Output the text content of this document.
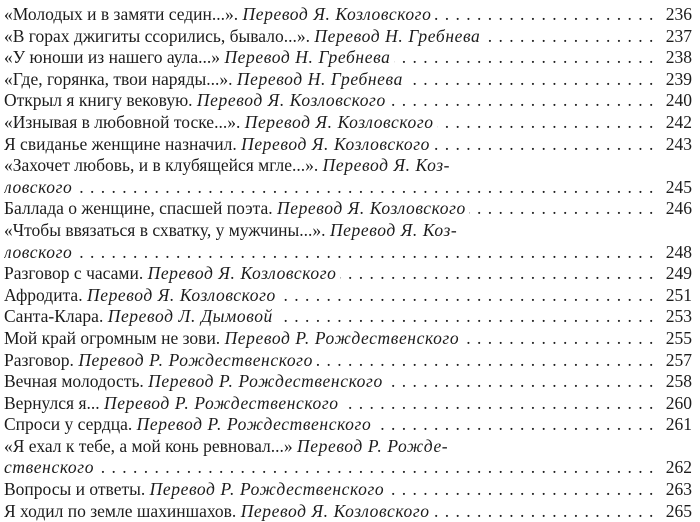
«Молодых и в замяти седин...». Перевод Я. Козловского	236
. . .
«В горах джигиты ссорились, бывало...». Перевод Н. Гребнева	237
. . .
«У юноши из нашего аула...» Перевод Н. Гребнева	238
. . .
«Где, горянка, твои наряды...». Перевод Н. Гребнева	239
. . .
Открыл я книгу вековую. Перевод Я. Козловского	240
. . .
«Изнывая в любовной тоске...». Перевод Я. Козловского	242
. . .
Я свиданье женщине назначил. Перевод Я. Козловского	243
. . .
«Захочет любовь, и в клубящейся мгле...». Перевод Я. Коз-
ловского . . .	245
Баллада о женщине, спасшей поэта. Перевод Я. Козловского	246
. . .
«Чтобы ввязаться в схватку, у мужчины...». Перевод Я. Коз-
ловского . . .	248
Разговор с часами. Перевод Я. Козловского	249
. . .
Афродита. Перевод Я. Козловского	251
. . .
Санта-Клара. Перевод Л. Дымовой	253
. . .
Мой край огромным не зови. Перевод Р. Рождественского	255
. . .
Разговор. Перевод Р. Рождественского	257
. . .
Вечная молодость. Перевод Р. Рождественского	258
. . .
Вернулся я... Перевод Р. Рождественского	260
. . .
Спроси у сердца. Перевод Р. Рождественского	261
. . .
«Я ехал к тебе, а мой конь ревновал...» Перевод Р. Рожде-
ственского . . .	262
Вопросы и ответы. Перевод Р. Рождественского	263
. . .
Я ходил по земле шахиншахов. Перевод Я. Козловского	265
. . .
